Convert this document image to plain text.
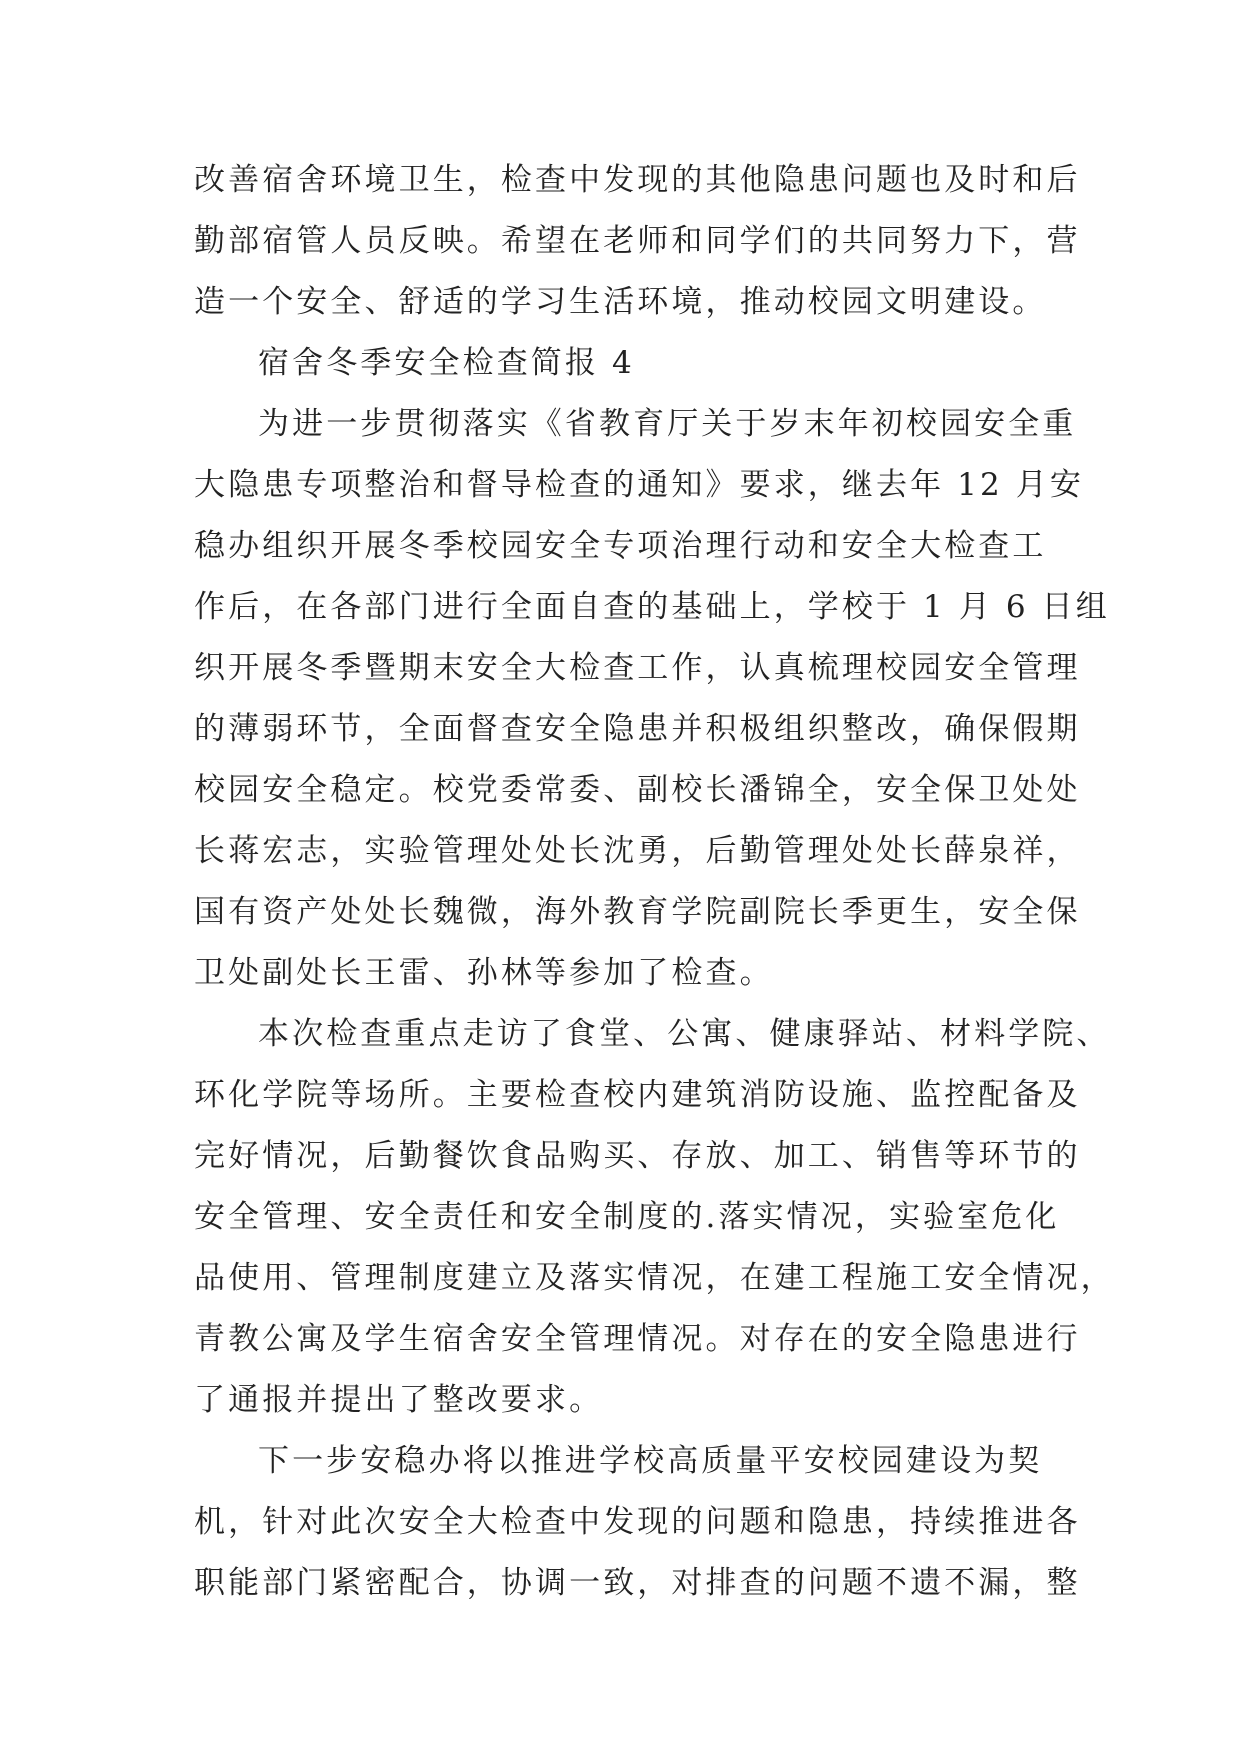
改善宿舍环境卫生，检查中发现的其他隐患问题也及时和后
勤部宿管人员反映。希望在老师和同学们的共同努力下，营
造一个安全、舒适的学习生活环境，推动校园文明建设。
宿舍冬季安全检查简报 4
为进一步贯彻落实《省教育厅关于岁末年初校园安全重
大隐患专项整治和督导检查的通知》要求，继去年 12 月安
稳办组织开展冬季校园安全专项治理行动和安全大检查工
作后，在各部门进行全面自查的基础上，学校于 1 月 6 日组
织开展冬季暨期末安全大检查工作，认真梳理校园安全管理
的薄弱环节，全面督查安全隐患并积极组织整改，确保假期
校园安全稳定。校党委常委、副校长潘锦全，安全保卫处处
长蒋宏志，实验管理处处长沈勇，后勤管理处处长薛泉祥，
国有资产处处长魏微，海外教育学院副院长季更生，安全保
卫处副处长王雷、孙林等参加了检查。
本次检查重点走访了食堂、公寓、健康驿站、材料学院、
环化学院等场所。主要检查校内建筑消防设施、监控配备及
完好情况，后勤餐饮食品购买、存放、加工、销售等环节的
安全管理、安全责任和安全制度的.落实情况，实验室危化
品使用、管理制度建立及落实情况，在建工程施工安全情况，
青教公寓及学生宿舍安全管理情况。对存在的安全隐患进行
了通报并提出了整改要求。
下一步安稳办将以推进学校高质量平安校园建设为契
机，针对此次安全大检查中发现的问题和隐患，持续推进各
职能部门紧密配合，协调一致，对排查的问题不遗不漏，整
